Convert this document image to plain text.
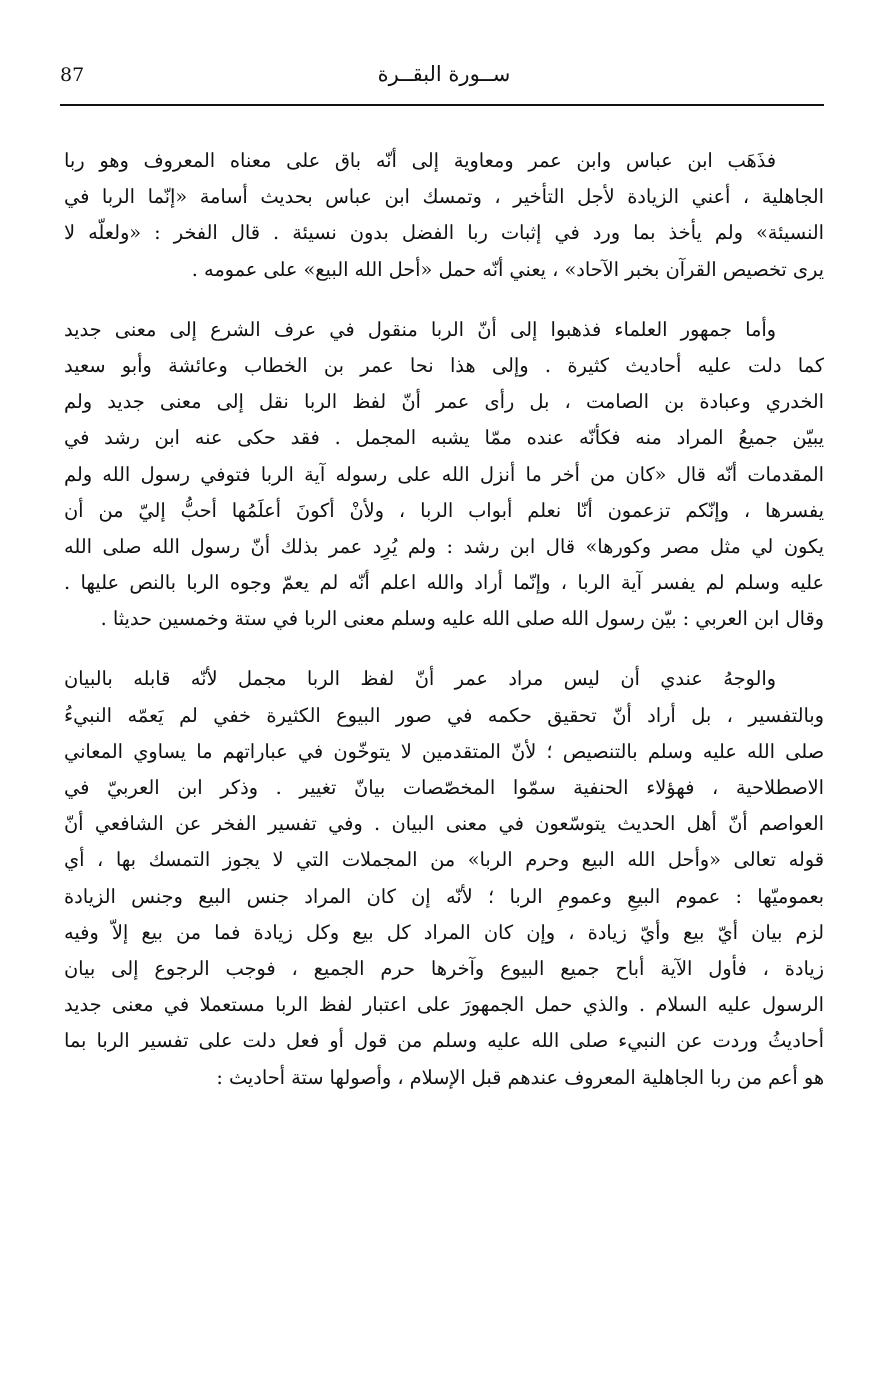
87	ســورة البقــرة
فذَهَب ابن عباس وابن عمر ومعاوية إلى أنّه باق على معناه المعروف وهو ربا
الجاهلية ، أعني الزيادة لأجل التأخير ، وتمسك ابن عباس بحديث أسامة «إنّما الربا في
النسيئة» ولم يأخذ بما ورد في إثبات ربا الفضل بدون نسيئة . قال الفخر : «ولعلّه لا
يرى تخصيص القرآن بخبر الآحاد» ، يعني أنّه حمل «أحل الله البيع» على عمومه .
وأما جمهور العلماء فذهبوا إلى أنّ الربا منقول في عرف الشرع إلى معنى جديد
كما دلت عليه أحاديث كثيرة . وإلى هذا نحا عمر بن الخطاب وعائشة وأبو سعيد
الخدري وعبادة بن الصامت ، بل رأى عمر أنّ لفظ الربا نقل إلى معنى جديد ولم
يبيّن جميعُ المراد منه فكأنّه عنده ممّا يشبه المجمل . فقد حكى عنه ابن رشد في
المقدمات أنّه قال «كان من أخر ما أنزل الله على رسوله آية الربا فتوفي رسول الله ولم
يفسرها ، وإنّكم تزعمون أنّا نعلم أبواب الربا ، ولأنْ أكونَ أعلَمُها أحبُّ إليّ من أن
يكون لي مثل مصر وكورها» قال ابن رشد : ولم يُرِد عمر بذلك أنّ رسول الله صلى الله
عليه وسلم لم يفسر آية الربا ، وإنّما أراد والله اعلم أنّه لم يعمّ وجوه الربا بالنص عليها .
وقال ابن العربي : بيّن رسول الله صلى الله عليه وسلم معنى الربا في ستة وخمسين حديثا .
والوجهُ عندي أن ليس مراد عمر أنّ لفظ الربا مجمل لأنّه قابله بالبيان
وبالتفسير ، بل أراد أنّ تحقيق حكمه في صور البيوع الكثيرة خفي لم يَعمّه النبيءُ
صلى الله عليه وسلم بالتنصيص ؛ لأنّ المتقدمين لا يتوخّون في عباراتهم ما يساوي المعاني
الاصطلاحية ، فهؤلاء الحنفية سمّوا المخصّصات بيانّ تغيير . وذكر ابن العربيّ في
العواصم أنّ أهل الحديث يتوسّعون في معنى البيان . وفي تفسير الفخر عن الشافعي أنّ
قوله تعالى «وأحل الله البيع وحرم الربا» من المجملات التي لا يجوز التمسك بها ، أي
بعموميّها : عموم البيعِ وعمومِ الربا ؛ لأنّه إن كان المراد جنس البيع وجنس الزيادة
لزم بيان أيّ بيع وأيّ زيادة ، وإن كان المراد كل بيع وكل زيادة فما من بيع إلاّ وفيه
زيادة ، فأول الآية أباح جميع البيوع وآخرها حرم الجميع ، فوجب الرجوع إلى بيان
الرسول عليه السلام . والذي حمل الجمهورَ على اعتبار لفظ الربا مستعملا في معنى جديد
أحاديثُ وردت عن النبيء صلى الله عليه وسلم من قول أو فعل دلت على تفسير الربا بما
هو أعم من ربا الجاهلية المعروف عندهم قبل الإسلام ، وأصولها ستة أحاديث :
